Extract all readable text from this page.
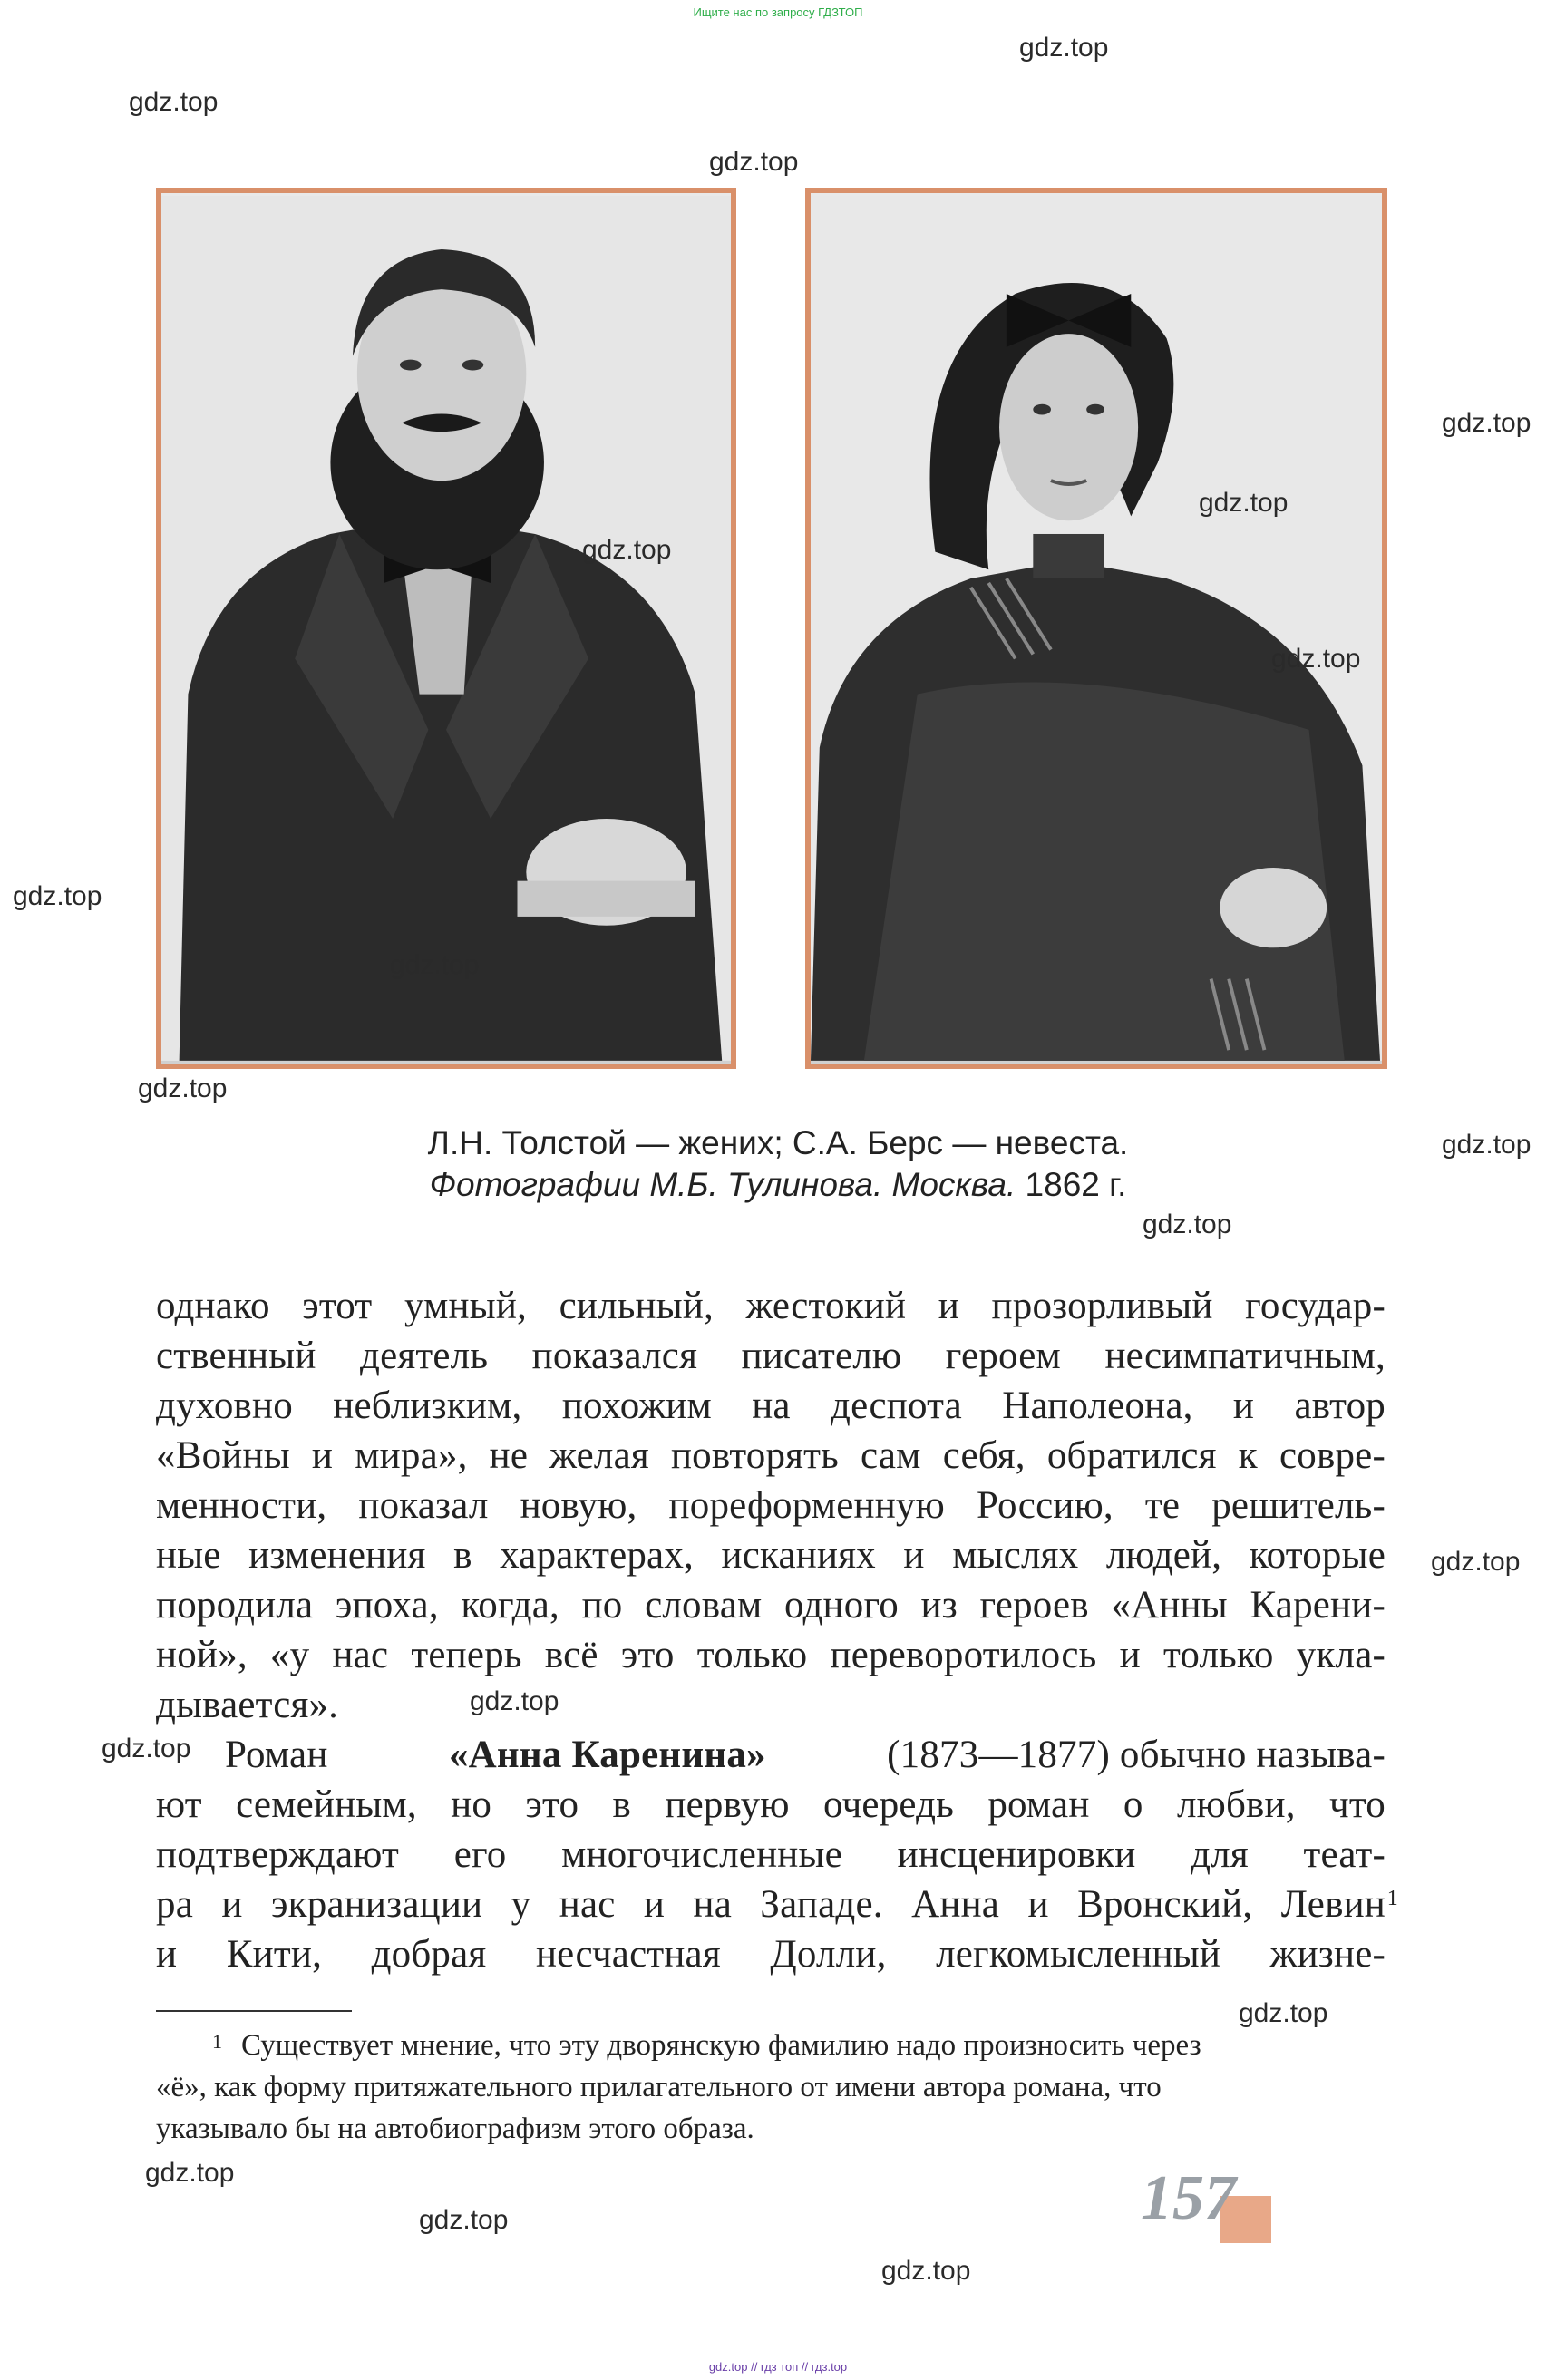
Ищите нас по запросу ГДЗТОП
Л.Н. Толстой — жених; С.А. Берс — невеста.
Фотографии М.Б. Тулинова. Москва. 1862 г.
однако этот умный, сильный, жестокий и прозорливый государ-
ственный деятель показался писателю героем несимпатичным,
духовно неблизким, похожим на деспота Наполеона, и автор
«Войны и мира», не желая повторять сам себя, обратился к совре-
менности, показал новую, пореформенную Россию, те решитель-
ные изменения в характерах, исканиях и мыслях людей, которые
породила эпоха, когда, по словам одного из героев «Анны Карени-
ной», «у нас теперь всё это только переворотилось и только укла-
дывается».
Роман	«Анна Каренина»	(1873—1877) обычно называ-
ют семейным, но это в первую очередь роман о любви, что
подтверждают его многочисленные инсценировки для теат-
ра и экранизации у нас и на Западе. Анна и Вронский, Левин 1
и Кити, добрая несчастная Долли, легкомысленный жизне-
1 Существует мнение, что эту дворянскую фамилию надо произносить через
«ё», как форму притяжательного прилагательного от имени автора романа, что
указывало бы на автобиографизм этого образа.
157
gdz.top
gdz.top
gdz.top
gdz.top
gdz.top
gdz.top
gdz.top
gdz.top
gdz.top
gdz.top
gdz.top
gdz.top
gdz.top
gdz.top
gdz.top
gdz.top
gdz.top
gdz.top
gdz.top
gdz.top // гдз топ // гдз.top
